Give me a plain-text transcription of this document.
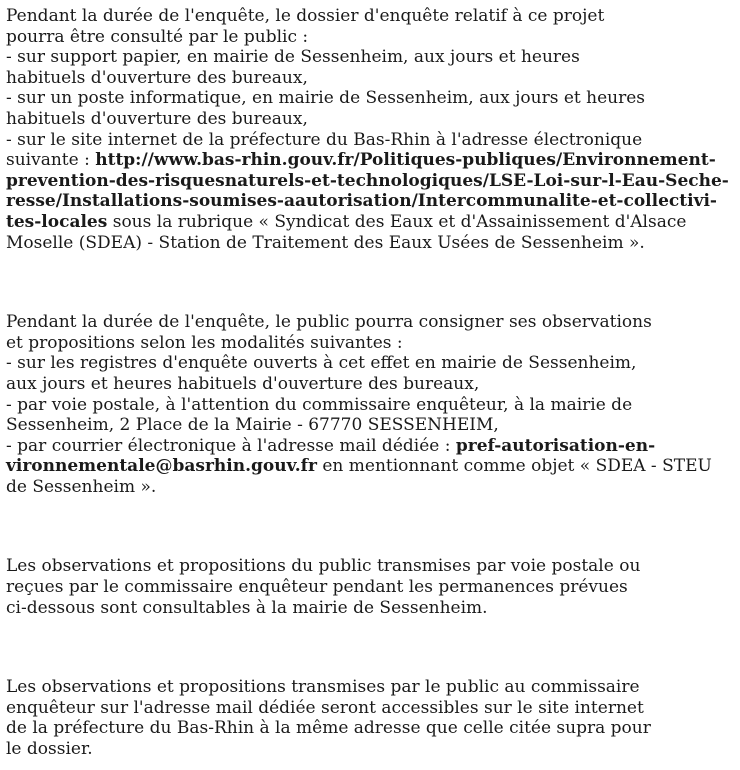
Pendant la durée de l'enquête, le dossier d'enquête relatif à ce projet
pourra être consulté par le public :
- sur support papier, en mairie de Sessenheim, aux jours et heures
habituels d'ouverture des bureaux,
- sur un poste informatique, en mairie de Sessenheim, aux jours et heures
habituels d'ouverture des bureaux,
- sur le site internet de la préfecture du Bas-Rhin à l'adresse électronique
suivante : http://www.bas-rhin.gouv.fr/Politiques-publiques/Environnement-
prevention-des-risquesnaturels-et-technologiques/LSE-Loi-sur-l-Eau-Seche-
resse/Installations-soumises-aautorisation/Intercommunalite-et-collectivi-
tes-locales sous la rubrique « Syndicat des Eaux et d'Assainissement d'Alsace
Moselle (SDEA) - Station de Traitement des Eaux Usées de Sessenheim ».

Pendant la durée de l'enquête, le public pourra consigner ses observations
et propositions selon les modalités suivantes :
- sur les registres d'enquête ouverts à cet effet en mairie de Sessenheim,
aux jours et heures habituels d'ouverture des bureaux,
- par voie postale, à l'attention du commissaire enquêteur, à la mairie de
Sessenheim, 2 Place de la Mairie - 67770 SESSENHEIM,
- par courrier électronique à l'adresse mail dédiée : pref-autorisation-en-
vironnementale@basrhin.gouv.fr en mentionnant comme objet « SDEA - STEU
de Sessenheim ».

Les observations et propositions du public transmises par voie postale ou
reçues par le commissaire enquêteur pendant les permanences prévues
ci-dessous sont consultables à la mairie de Sessenheim.

Les observations et propositions transmises par le public au commissaire
enquêteur sur l'adresse mail dédiée seront accessibles sur le site internet
de la préfecture du Bas-Rhin à la même adresse que celle citée supra pour
le dossier.
